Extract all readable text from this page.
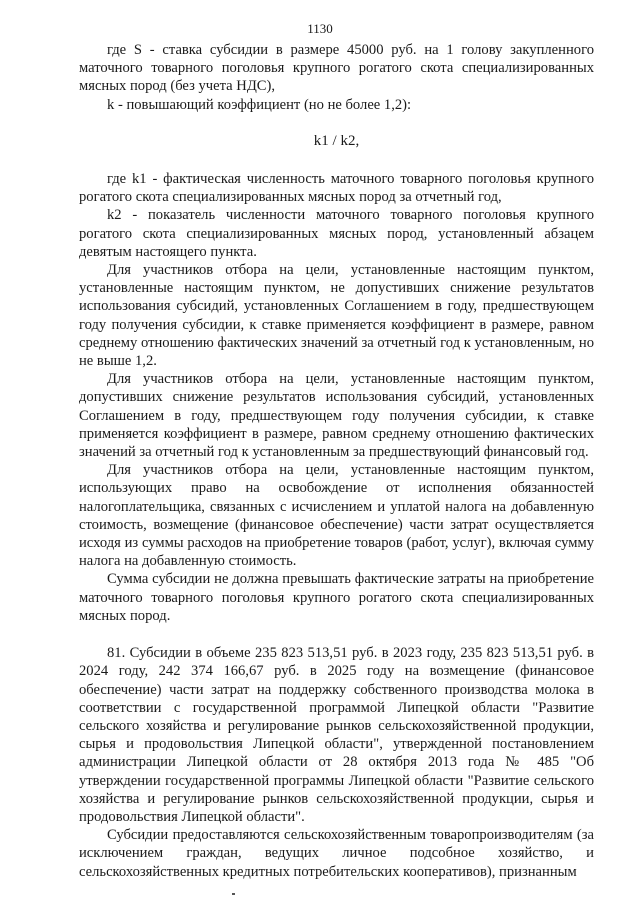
1130

где S - ставка субсидии в размере 45000 руб. на 1 голову закупленного маточного товарного поголовья крупного рогатого скота специализированных мясных пород (без учета НДС),

k - повышающий коэффициент (но не более 1,2):

k1 / k2,

где k1 - фактическая численность маточного товарного поголовья крупного рогатого скота специализированных мясных пород за отчетный год,

k2 - показатель численности маточного товарного поголовья крупного рогатого скота специализированных мясных пород, установленный абзацем девятым настоящего пункта.

Для участников отбора на цели, установленные настоящим пунктом, установленные настоящим пунктом, не допустивших снижение результатов использования субсидий, установленных Соглашением в году, предшествующем году получения субсидии, к ставке применяется коэффициент в размере, равном среднему отношению фактических значений за отчетный год к установленным, но не выше 1,2.

Для участников отбора на цели, установленные настоящим пунктом, допустивших снижение результатов использования субсидий, установленных Соглашением в году, предшествующем году получения субсидии, к ставке применяется коэффициент в размере, равном среднему отношению фактических значений за отчетный год к установленным за предшествующий финансовый год.

Для участников отбора на цели, установленные настоящим пунктом, использующих право на освобождение от исполнения обязанностей налогоплательщика, связанных с исчислением и уплатой налога на добавленную стоимость, возмещение (финансовое обеспечение) части затрат осуществляется исходя из суммы расходов на приобретение товаров (работ, услуг), включая сумму налога на добавленную стоимость.

Сумма субсидии не должна превышать фактические затраты на приобретение маточного товарного поголовья крупного рогатого скота специализированных мясных пород.

81. Субсидии в объеме 235 823 513,51 руб. в 2023 году, 235 823 513,51 руб. в 2024 году, 242 374 166,67 руб. в 2025 году на возмещение (финансовое обеспечение) части затрат на поддержку собственного производства молока в соответствии с государственной программой Липецкой области "Развитие сельского хозяйства и регулирование рынков сельскохозяйственной продукции, сырья и продовольствия Липецкой области", утвержденной постановлением администрации Липецкой области от 28 октября 2013 года № 485 "Об утверждении государственной программы Липецкой области "Развитие сельского хозяйства и регулирование рынков сельскохозяйственной продукции, сырья и продовольствия Липецкой области".

Субсидии предоставляются сельскохозяйственным товаропроизводителям (за исключением граждан, ведущих личное подсобное хозяйство, и сельскохозяйственных кредитных потребительских кооперативов), признанным
